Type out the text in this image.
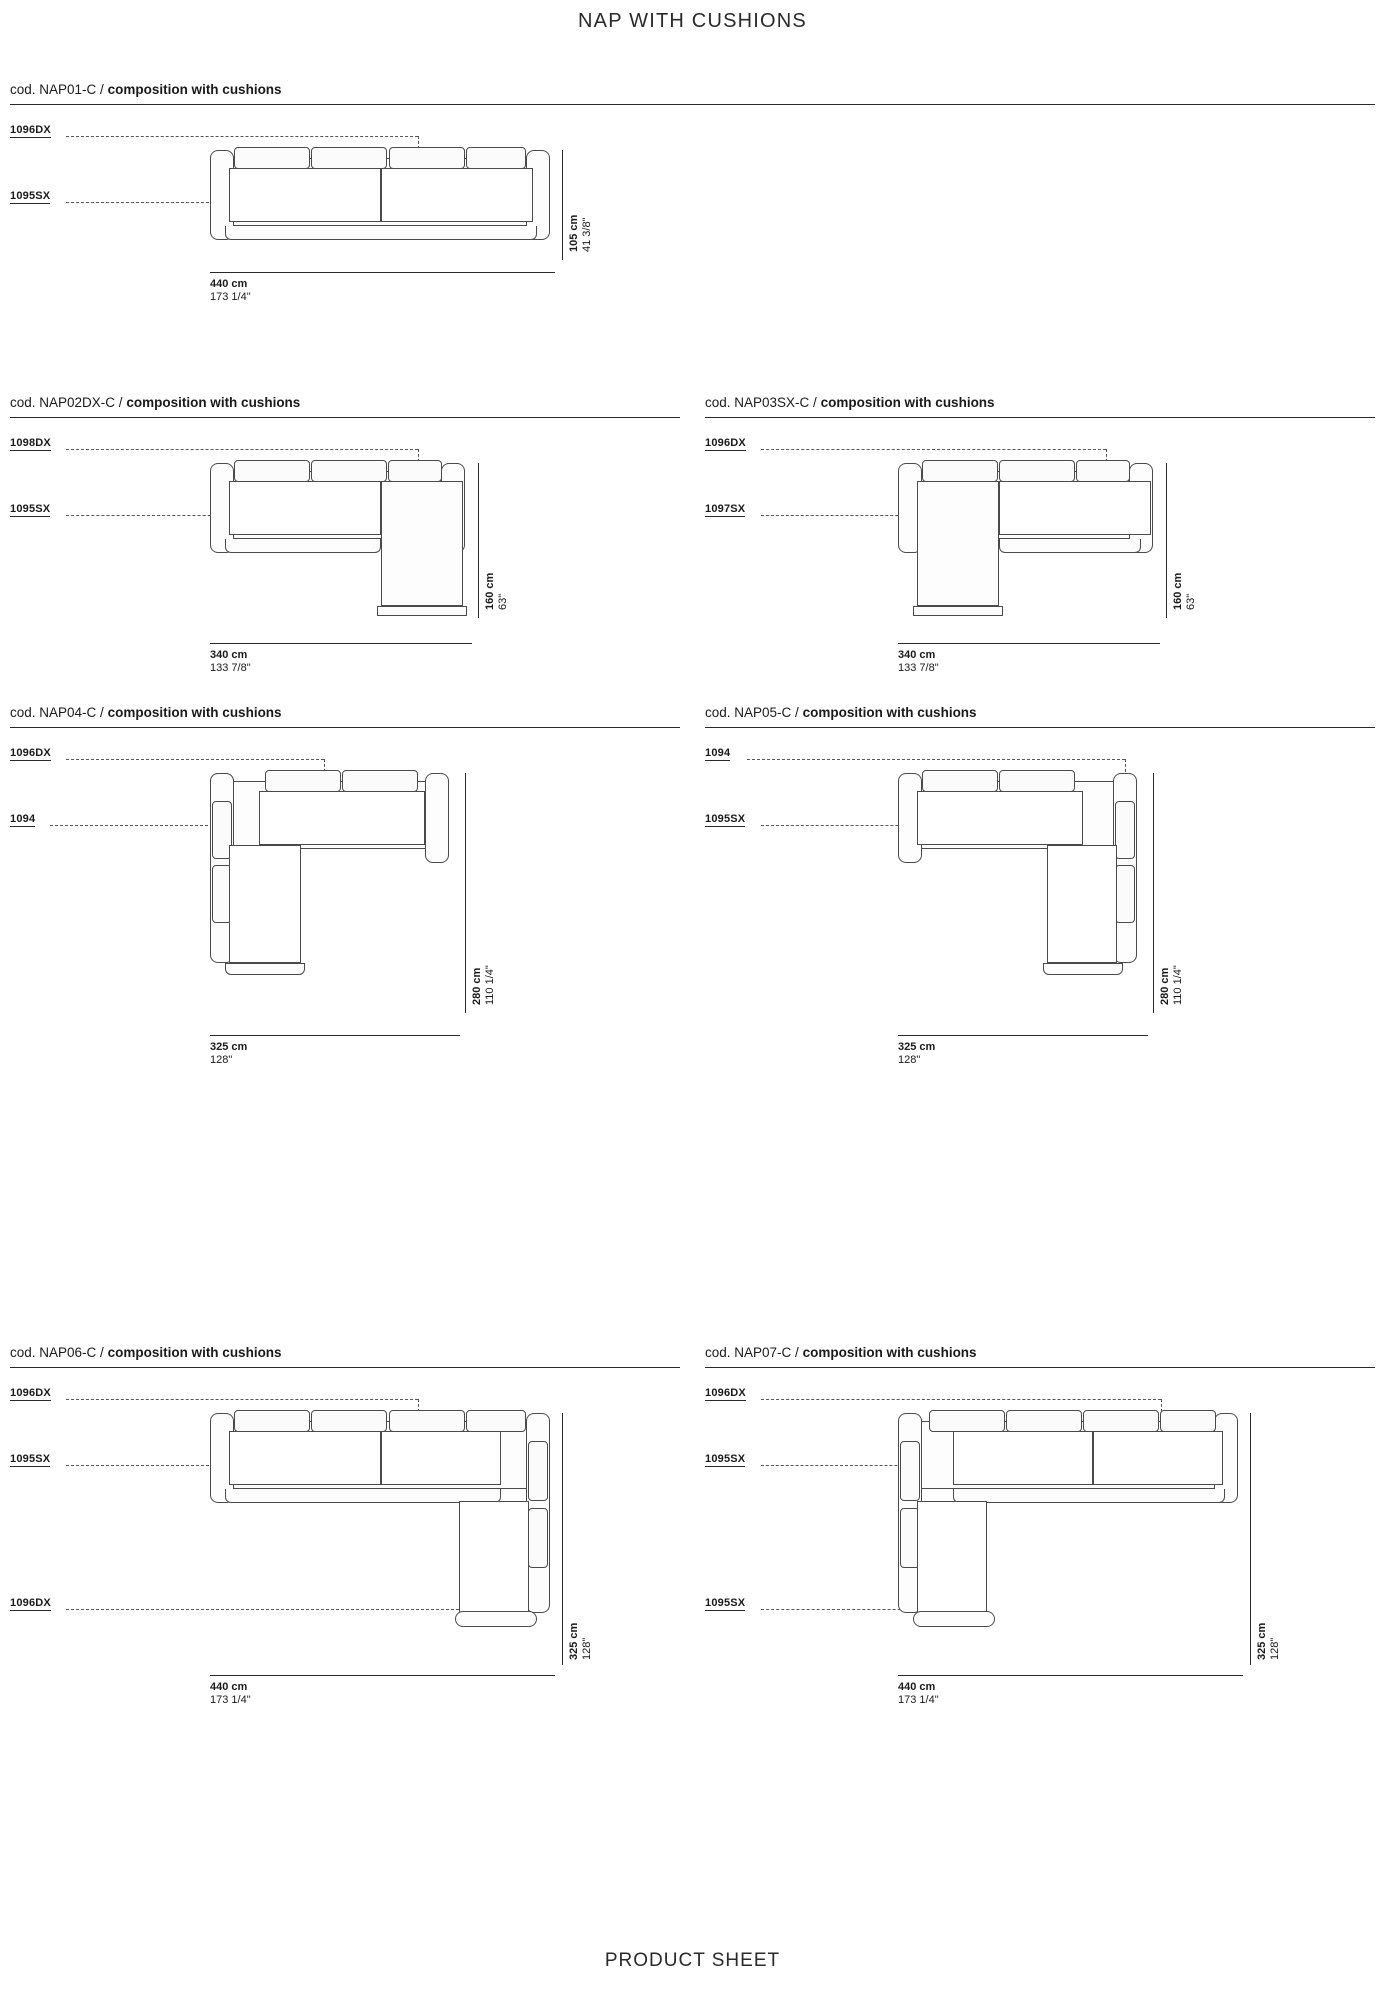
NAP WITH CUSHIONS
cod. NAP01-C / composition with cushions
1096DX
1095SX
440 cm
173 1/4"
105 cm
41 3/8"
cod. NAP02DX-C / composition with cushions
1098DX
1095SX
340 cm
133 7/8"
160 cm
63"
cod. NAP03SX-C / composition with cushions
1096DX
1097SX
340 cm
133 7/8"
160 cm
63"
cod. NAP04-C / composition with cushions
1096DX
1094
325 cm
128"
280 cm
110 1/4"
cod. NAP05-C / composition with cushions
1094
1095SX
325 cm
128"
280 cm
110 1/4"
cod. NAP06-C / composition with cushions
1096DX
1095SX
1096DX
440 cm
173 1/4"
325 cm
128"
cod. NAP07-C / composition with cushions
1096DX
1095SX
1095SX
440 cm
173 1/4"
325 cm
128"
PRODUCT SHEET
